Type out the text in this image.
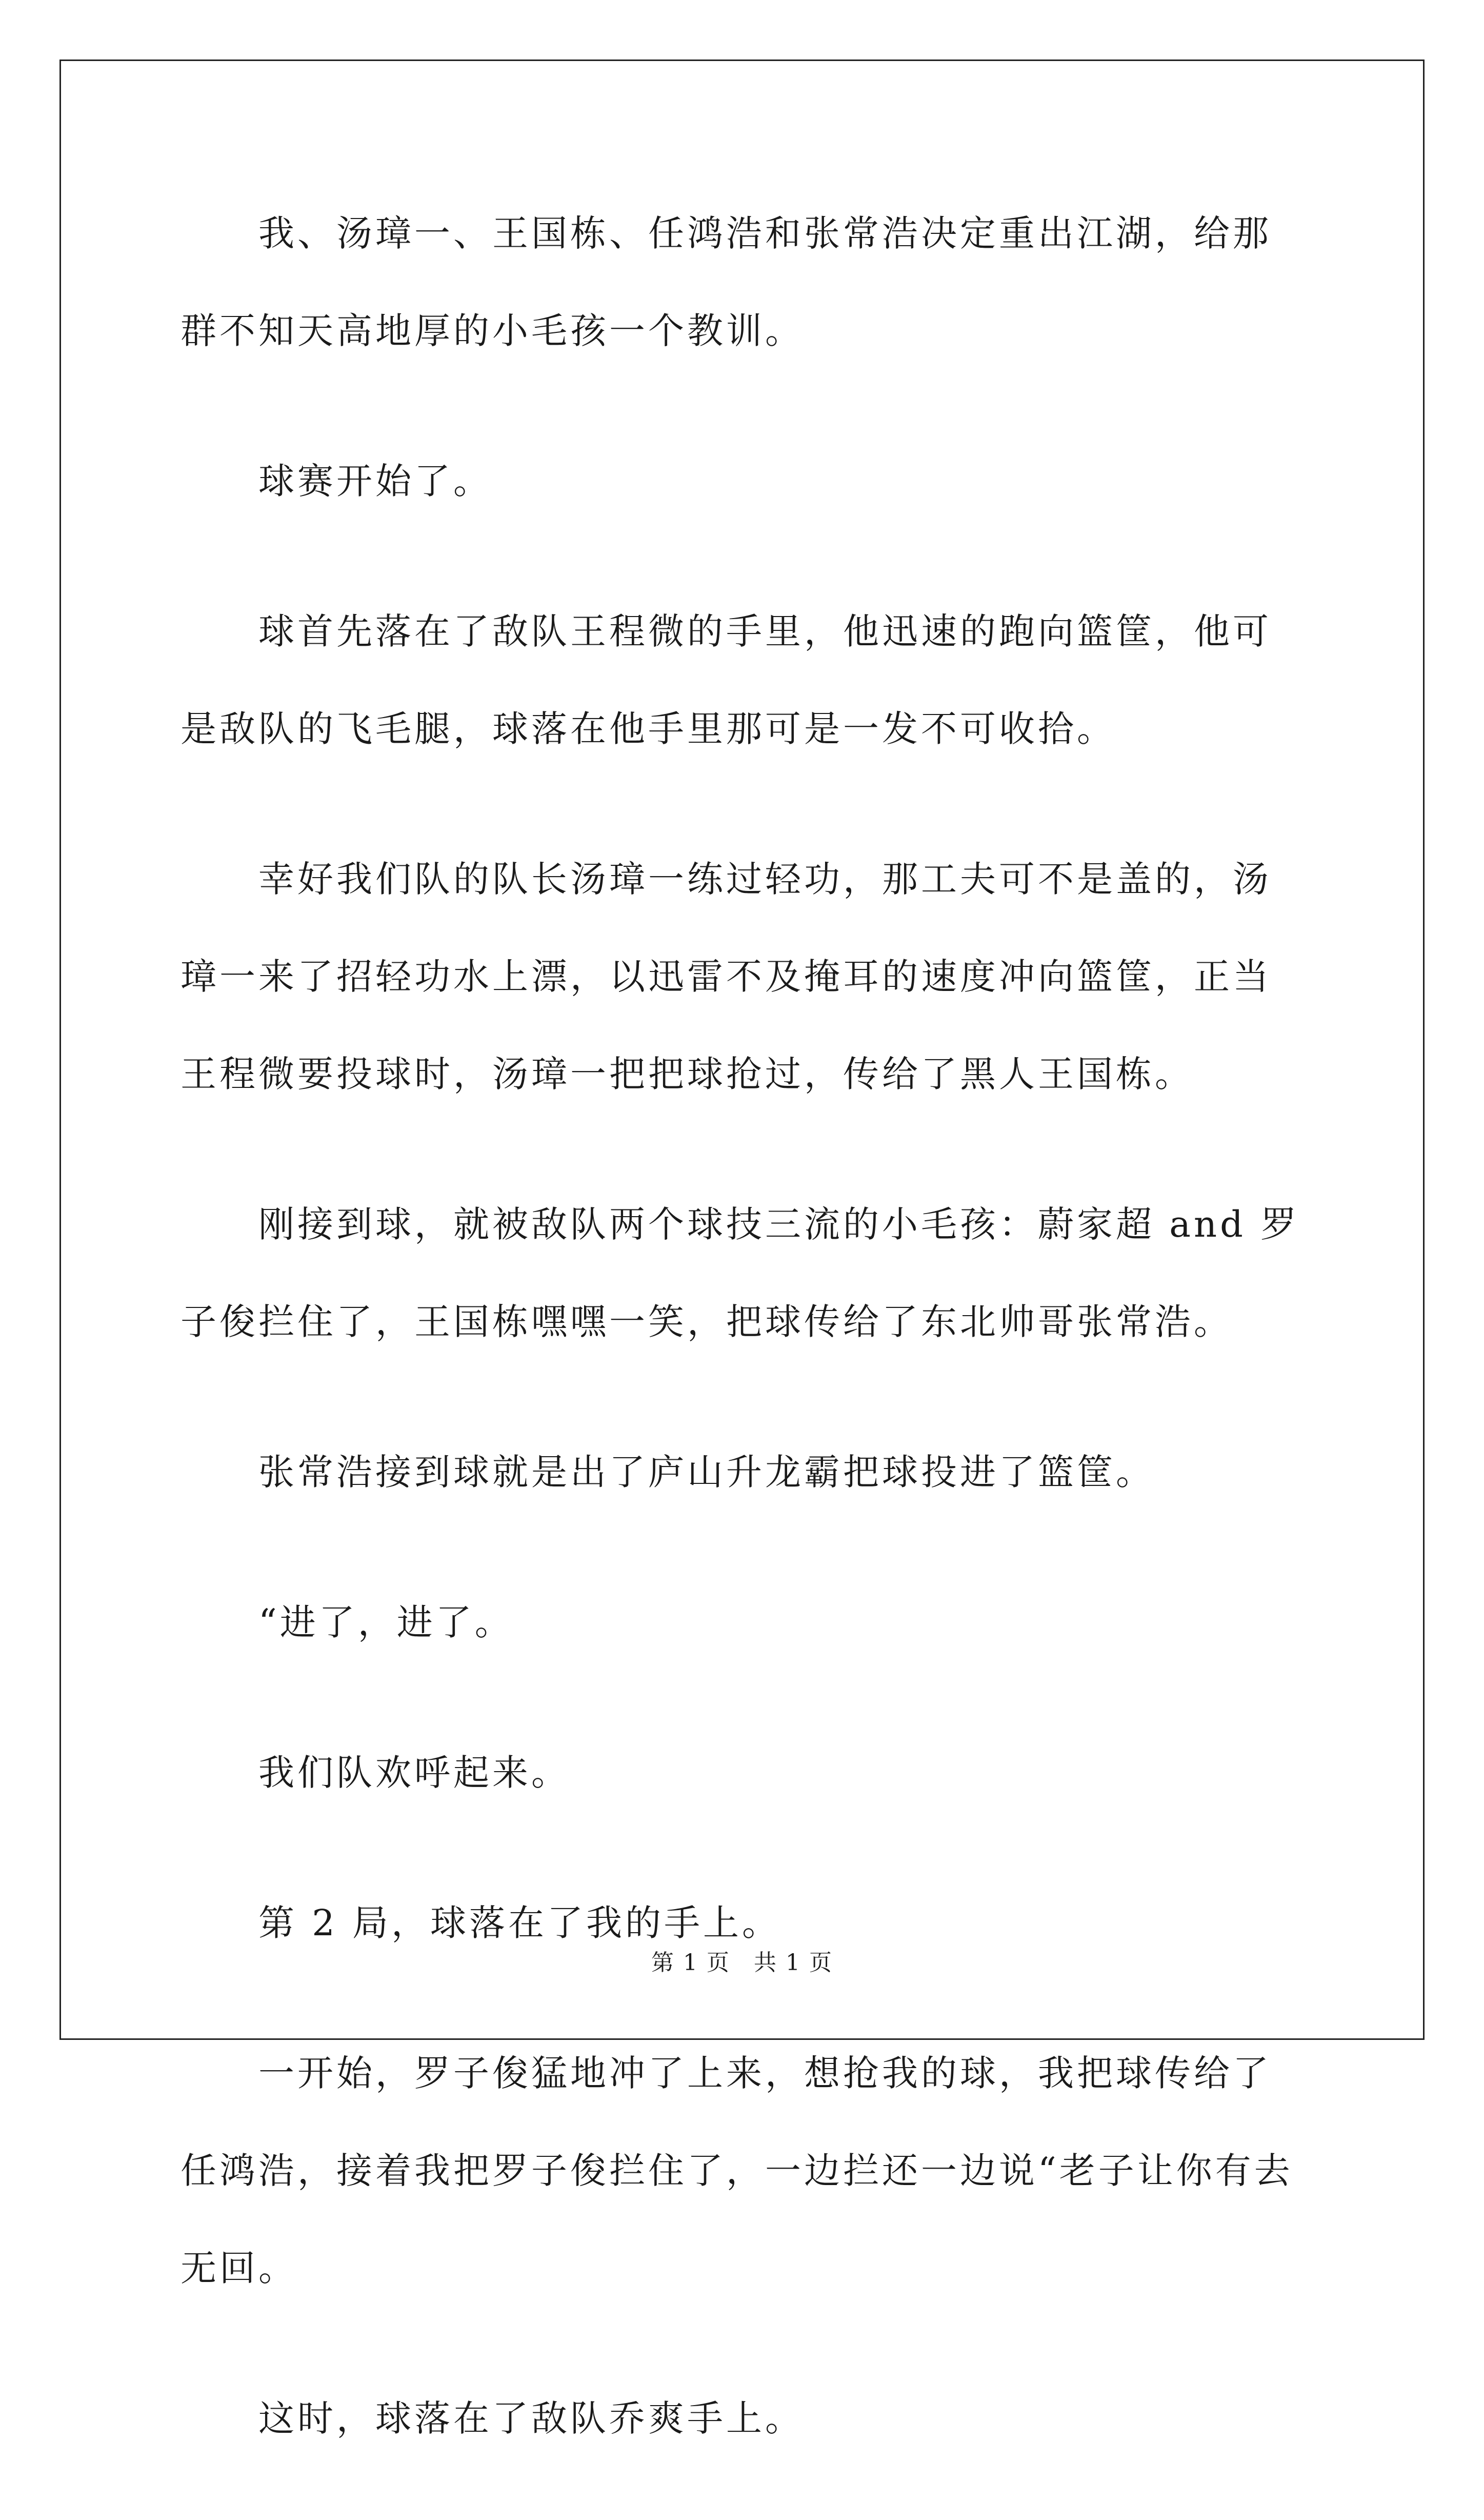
我、汤璋一、王国栋、任鸿浩和张常浩决定重出江湖，给那群不知天高地厚的小毛孩一个教训。

球赛开始了。

球首先落在了敌队王程微的手里，他迅速的跑向篮筐，他可是敌队的飞毛腿，球落在他手里那可是一发不可收拾。

幸好我们队的队长汤璋一练过轻功，那工夫可不是盖的，汤璋一来了招轻功水上漂，以迅雷不及掩耳的速度冲向篮筐，正当王程微要投球时，汤璋一把把球抢过，传给了黑人王国栋。

刚接到球，就被敌队两个球技三流的小毛孩：蔚家超 and 罗子俊拦住了，王国栋嘿嘿一笑，把球传给了东北帅哥张常浩。

张常浩接到球就是出了庐山升龙霸把球投进了篮筐。

“进了，进了。

我们队欢呼起来。

第 2 局，球落在了我的手上。

一开始，罗子俊猛地冲了上来，想抢我的球，我把球传给了任鸿浩，接着我把罗子俊拦住了，一边拦还一边说“老子让你有去无回。

这时，球落在了敌队乔爽手上。

第 1 页　共 1 页
